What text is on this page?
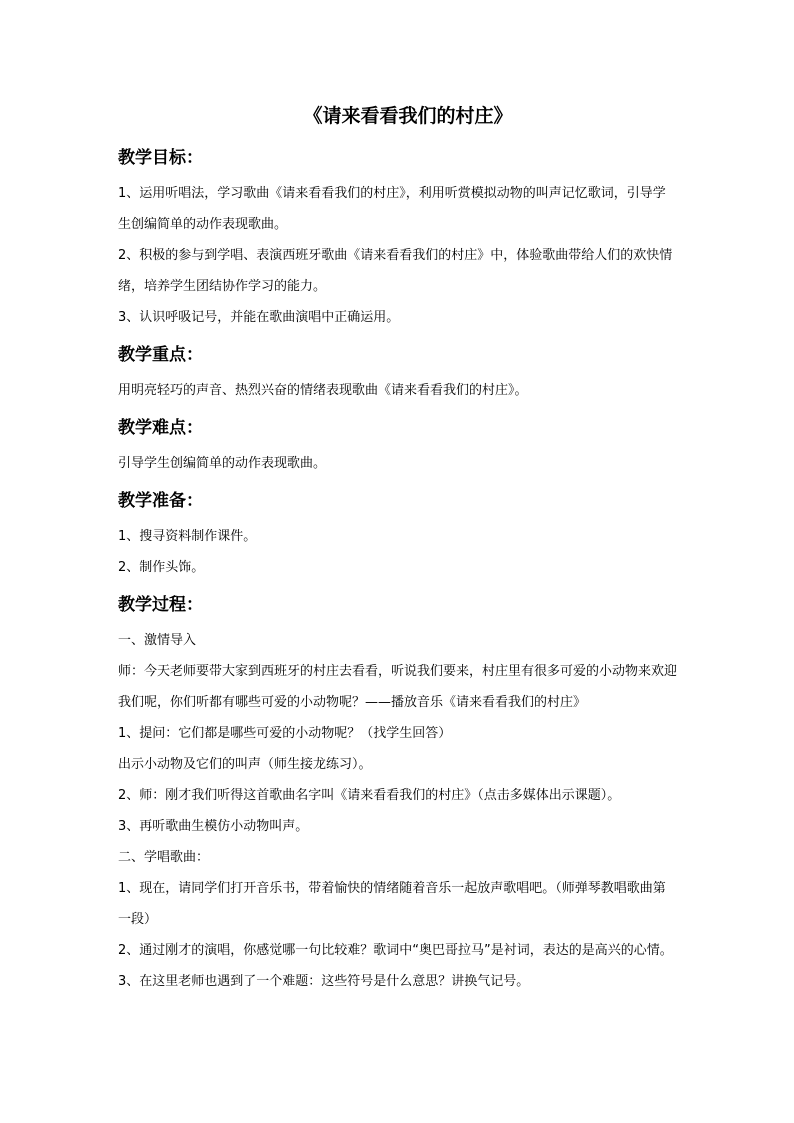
《请来看看我们的村庄》
教学目标：

1、运用听唱法，学习歌曲《请来看看我们的村庄》，利用听赏模拟动物的叫声记忆歌词，引导学生创编简单的动作表现歌曲。

2、积极的参与到学唱、表演西班牙歌曲《请来看看我们的村庄》中，体验歌曲带给人们的欢快情绪，培养学生团结协作学习的能力。

3、认识呼吸记号，并能在歌曲演唱中正确运用。

教学重点：

用明亮轻巧的声音、热烈兴奋的情绪表现歌曲《请来看看我们的村庄》。

教学难点：

引导学生创编简单的动作表现歌曲。

教学准备：

1、搜寻资料制作课件。

2、制作头饰。

教学过程：

一、激情导入

师：今天老师要带大家到西班牙的村庄去看看，听说我们要来，村庄里有很多可爱的小动物来欢迎我们呢，你们听都有哪些可爱的小动物呢？——播放音乐《请来看看我们的村庄》

1、提问：它们都是哪些可爱的小动物呢？（找学生回答）

出示小动物及它们的叫声（师生接龙练习）。

2、师：刚才我们听得这首歌曲名字叫《请来看看我们的村庄》（点击多媒体出示课题）。

3、再听歌曲生模仿小动物叫声。

二、学唱歌曲：

1、现在，请同学们打开音乐书，带着愉快的情绪随着音乐一起放声歌唱吧。（师弹琴教唱歌曲第一段）

2、通过刚才的演唱，你感觉哪一句比较难？歌词中“奥巴哥拉马”是衬词，表达的是高兴的心情。

3、在这里老师也遇到了一个难题：这些符号是什么意思？讲换气记号。
